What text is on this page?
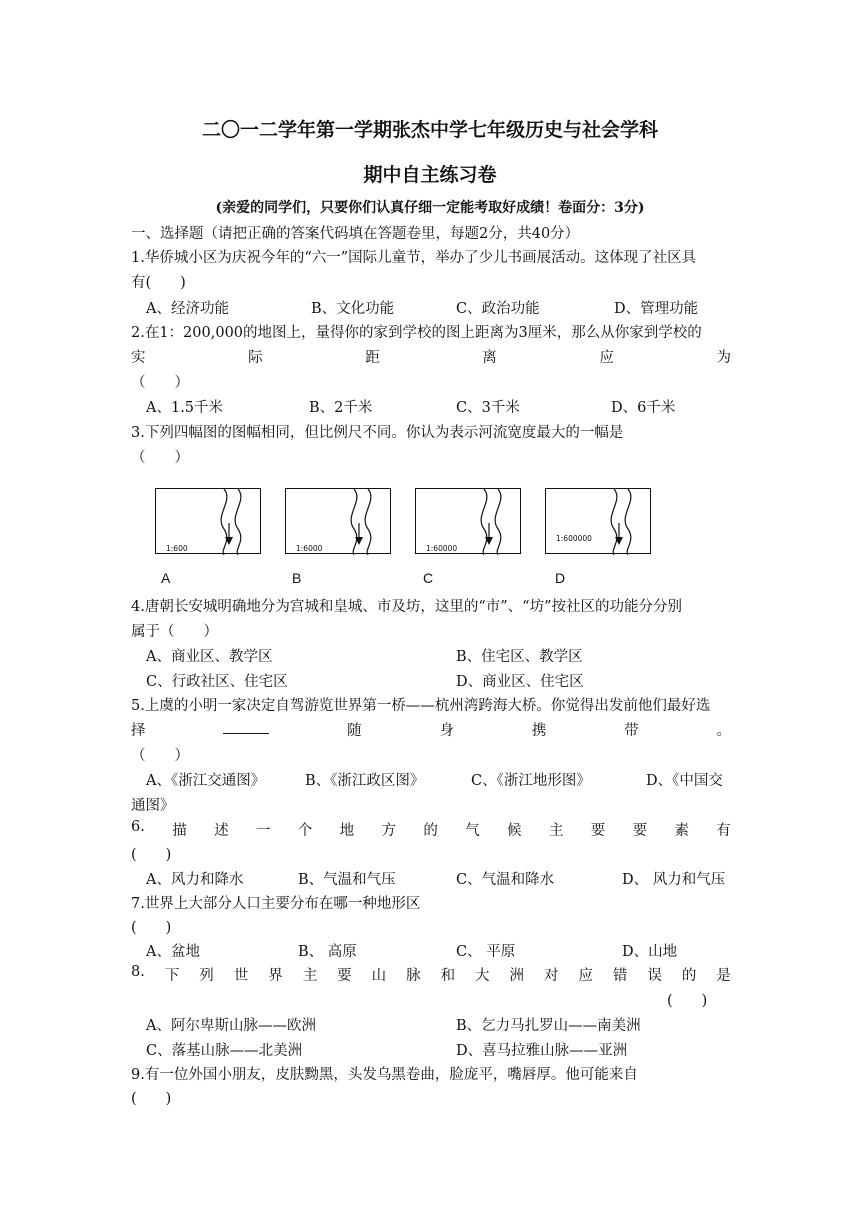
二〇一二学年第一学期张杰中学七年级历史与社会学科
期中自主练习卷
(亲爱的同学们，只要你们认真仔细一定能考取好成绩！卷面分：3分)
一、选择题（请把正确的答案代码填在答题卷里，每题2分，共40分）
1.华侨城小区为庆祝今年的“六一”国际儿童节，举办了少儿书画展活动。这体现了社区具
有(　　)
A、经济功能	B、文化功能	C、政治功能	D、管理功能
2.在1：200,000的地图上，量得你的家到学校的图上距离为3厘米，那么从你家到学校的
实	际	距	离	应	为
（　　）
A、1.5千米	B、2千米	C、3千米	D、6千米
3.下列四幅图的图幅相同，但比例尺不同。你认为表示河流宽度最大的一幅是
（　　）
1:600	1:6000	1:60000
1:600000
A	B	C	D
4.唐朝长安城明确地分为宫城和皇城、市及坊，这里的“市”、“坊”按社区的功能分分别
属于（　　）
A、商业区、教学区	B、住宅区、教学区
C、行政社区、住宅区	D、商业区、住宅区
5.上虞的小明一家决定自驾游览世界第一桥——杭州湾跨海大桥。你觉得出发前他们最好选
择	随	身	携	带	。
（　　）
A、《浙江交通图》	B、《浙江政区图》	C、《浙江地形图》	D、《中国交
通图》
6. 描 述 一 个 地 方 的 气 候 主 要 要 素 有
(　　)
A、风力和降水	B、气温和气压	C、气温和降水	D、 风力和气压
7.世界上大部分人口主要分布在哪一种地形区
(　　)
A、盆地	B、 高原	C、 平原	D、山地
8. 下 列 世 界 主 要 山 脉 和 大 洲 对 应 错 误 的 是
(　　)
A、阿尔卑斯山脉——欧洲	B、乞力马扎罗山——南美洲
C、落基山脉——北美洲	D、喜马拉雅山脉——亚洲
9.有一位外国小朋友，皮肤黝黑，头发乌黑卷曲，脸庞平，嘴唇厚。他可能来自
(　　)
